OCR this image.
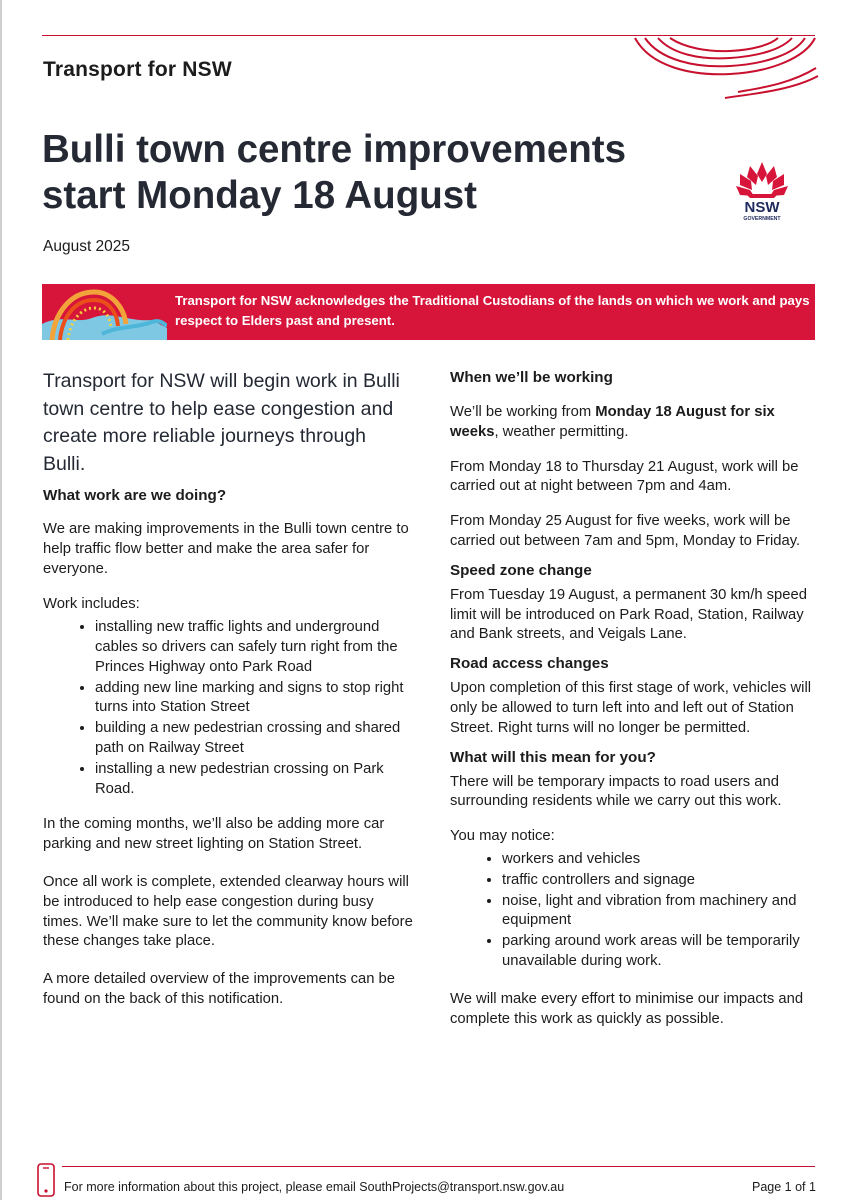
Transport for NSW
Bulli town centre improvements
start Monday 18 August
August 2025
NSW
GOVERNMENT
Transport for NSW acknowledges the Traditional Custodians of the lands on which we work and pays respect to Elders past and present.

Transport for NSW will begin work in Bulli town centre to help ease congestion and create more reliable journeys through Bulli.

What work are we doing?

We are making improvements in the Bulli town centre to help traffic flow better and make the area safer for everyone.

Work includes:

• installing new traffic lights and underground cables so drivers can safely turn right from the Princes Highway onto Park Road
• adding new line marking and signs to stop right turns into Station Street
• building a new pedestrian crossing and shared path on Railway Street
• installing a new pedestrian crossing on Park Road.

In the coming months, we’ll also be adding more car parking and new street lighting on Station Street.

Once all work is complete, extended clearway hours will be introduced to help ease congestion during busy times. We’ll make sure to let the community know before these changes take place.

A more detailed overview of the improvements can be found on the back of this notification.

When we’ll be working

We’ll be working from Monday 18 August for six weeks, weather permitting.

From Monday 18 to Thursday 21 August, work will be carried out at night between 7pm and 4am.

From Monday 25 August for five weeks, work will be carried out between 7am and 5pm, Monday to Friday.

Speed zone change

From Tuesday 19 August, a permanent 30 km/h speed limit will be introduced on Park Road, Station, Railway and Bank streets, and Veigals Lane.

Road access changes

Upon completion of this first stage of work, vehicles will only be allowed to turn left into and left out of Station Street. Right turns will no longer be permitted.

What will this mean for you?

There will be temporary impacts to road users and surrounding residents while we carry out this work.

You may notice:

• workers and vehicles
• traffic controllers and signage
• noise, light and vibration from machinery and equipment
• parking around work areas will be temporarily unavailable during work.

We will make every effort to minimise our impacts and complete this work as quickly as possible.

For more information about this project, please email SouthProjects@transport.nsw.gov.au	Page 1 of 1
